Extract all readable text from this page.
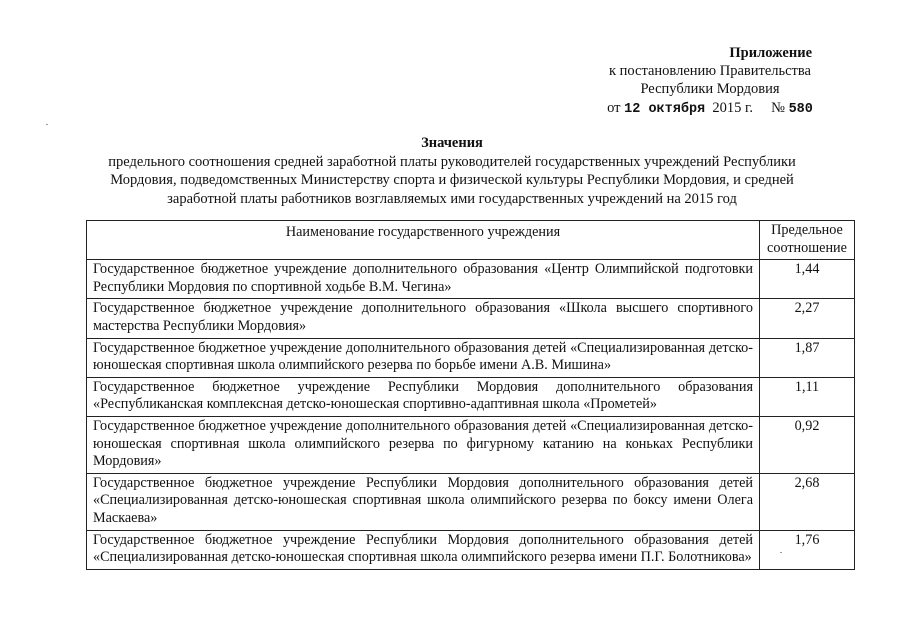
Приложение
к постановлению Правительства
Республики Мордовия
от 12 октября 2015 г. № 580
Значения
предельного соотношения средней заработной платы руководителей государственных учреждений Республики
Мордовия, подведомственных Министерству спорта и физической культуры Республики Мордовия, и средней
заработной платы работников возглавляемых ими государственных учреждений на 2015 год
Наименование государственного учреждения	Предельное соотношение
Государственное бюджетное учреждение дополнительного образования «Центр Олимпийской подготовки Республики Мордовия по спортивной ходьбе В.М. Чегина»	1,44
Государственное бюджетное учреждение дополнительного образования «Школа высшего спортивного мастерства Республики Мордовия»	2,27
Государственное бюджетное учреждение дополнительного образования детей «Специализированная детско-юношеская спортивная школа олимпийского резерва по борьбе имени А.В. Мишина»	1,87
Государственное бюджетное учреждение Республики Мордовия дополнительного образования «Республиканская комплексная детско-юношеская спортивно-адаптивная школа «Прометей»	1,11
Государственное бюджетное учреждение дополнительного образования детей «Специализированная детско-юношеская спортивная школа олимпийского резерва по фигурному катанию на коньках Республики Мордовия»	0,92
Государственное бюджетное учреждение Республики Мордовия дополнительного образования детей «Специализированная детско-юношеская спортивная школа олимпийского резерва по боксу имени Олега Маскаева»	2,68
Государственное бюджетное учреждение Республики Мордовия дополнительного образования детей «Специализированная детско-юношеская спортивная школа олимпийского резерва имени П.Г. Болотникова»	1,76
